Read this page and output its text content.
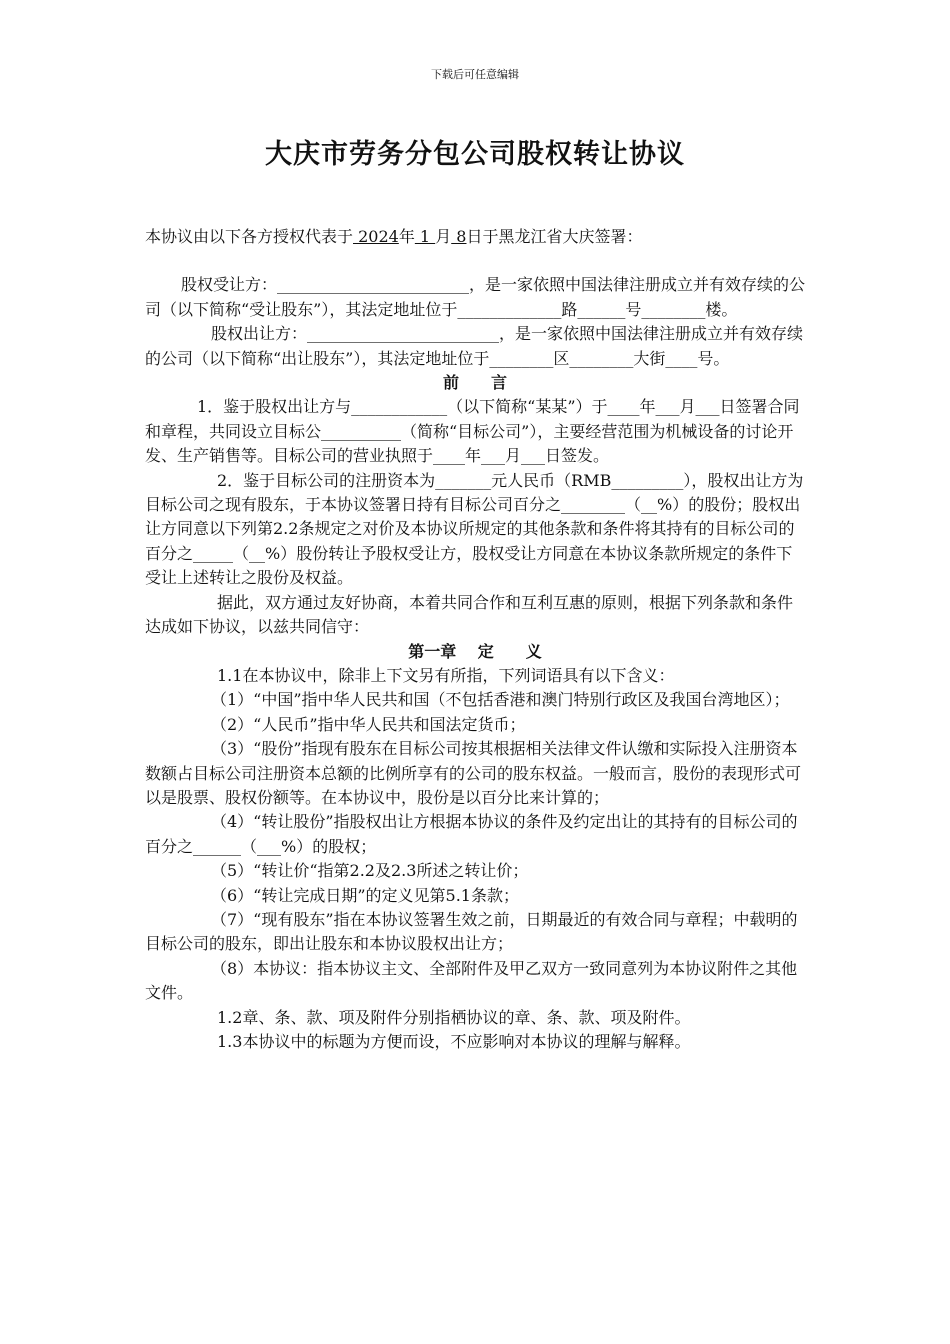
下载后可任意编辑
大庆市劳务分包公司股权转让协议

本协议由以下各方授权代表于 2024年 1 月 8日于黑龙江省大庆签署：

股权受让方：________________________，是一家依照中国法律注册成立并有效存续的公司（以下简称“受让股东”），其法定地址位于_____________路______号________楼。

股权出让方：________________________，是一家依照中国法律注册成立并有效存续的公司（以下简称“出让股东”），其法定地址位于________区________大街____号。

前　　言

1．鉴于股权出让方与____________（以下简称“某某”）于____年___月___日签署合同和章程，共同设立目标公__________（简称“目标公司”），主要经营范围为机械设备的讨论开发、生产销售等。目标公司的营业执照于____年___月___日签发。

2．鉴于目标公司的注册资本为_______元人民币（RMB_________），股权出让方为目标公司之现有股东，于本协议签署日持有目标公司百分之________（__%）的股份；股权出让方同意以下列第2.2条规定之对价及本协议所规定的其他条款和条件将其持有的目标公司的百分之_____（__%）股份转让予股权受让方，股权受让方同意在本协议条款所规定的条件下受让上述转让之股份及权益。

据此，双方通过友好协商，本着共同合作和互利互惠的原则，根据下列条款和条件达成如下协议，以兹共同信守：

第一章　 定　　义

1.1在本协议中，除非上下文另有所指，下列词语具有以下含义：

（1）“中国”指中华人民共和国（不包括香港和澳门特别行政区及我国台湾地区）；

（2）“人民币”指中华人民共和国法定货币；

（3）“股份”指现有股东在目标公司按其根据相关法律文件认缴和实际投入注册资本数额占目标公司注册资本总额的比例所享有的公司的股东权益。一般而言，股份的表现形式可以是股票、股权份额等。在本协议中，股份是以百分比来计算的；

（4）“转让股份”指股权出让方根据本协议的条件及约定出让的其持有的目标公司的百分之______（___%）的股权；

（5）“转让价“指第2.2及2.3所述之转让价；

（6）“转让完成日期”的定义见第5.1条款；

（7）“现有股东”指在本协议签署生效之前，日期最近的有效合同与章程；中载明的目标公司的股东，即出让股东和本协议股权出让方；

（8）本协议：指本协议主文、全部附件及甲乙双方一致同意列为本协议附件之其他文件。

1.2章、条、款、项及附件分别指栖协议的章、条、款、项及附件。

1.3本协议中的标题为方便而设，不应影响对本协议的理解与解释。
